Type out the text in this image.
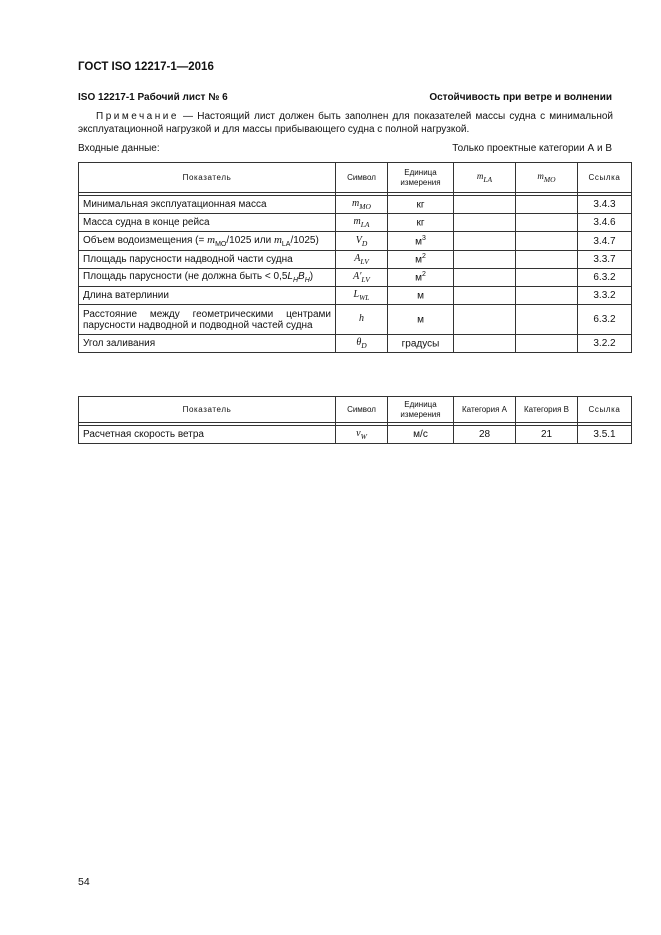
ГОСТ ISO 12217-1—2016
ISO 12217-1 Рабочий лист № 6	Остойчивость при ветре и волнении
Примечание — Настоящий лист должен быть заполнен для показателей массы судна с минимальной эксплуатационной нагрузкой и для массы прибывающего судна с полной нагрузкой.
Входные данные:	Только проектные категории А и В
Показатель	Символ	Единица измерения	$m_{LA}$	$m_{MO}$	Ссылка

Минимальная эксплуатационная масса	$m_{MO}$	кг			3.4.3
Масса судна в конце рейса	$m_{LA}$	кг			3.4.6
Объем водоизмещения (= $m_{MO}/1025$ или $m_{LA}/1025$)	$V_D$	$м^3$			3.4.7
Площадь парусности надводной части судна	$A_{LV}$	$м^2$			3.3.7
Площадь парусности (не должна быть < $0,5L_HB_H$)	$A'_{LV}$	$м^2$			6.3.2
Длина ватерлинии	$L_{WL}$	м			3.3.2
Расстояние между геометрическими центрами парусности надводной и подводной частей судна	h	м			6.3.2
Угол заливания	$\theta_D$	градусы			3.2.2
Показатель	Символ	Единица измерения	Категория А	Категория В	Ссылка

Расчетная скорость ветра	$v_W$	м/с	28	21	3.5.1
54
